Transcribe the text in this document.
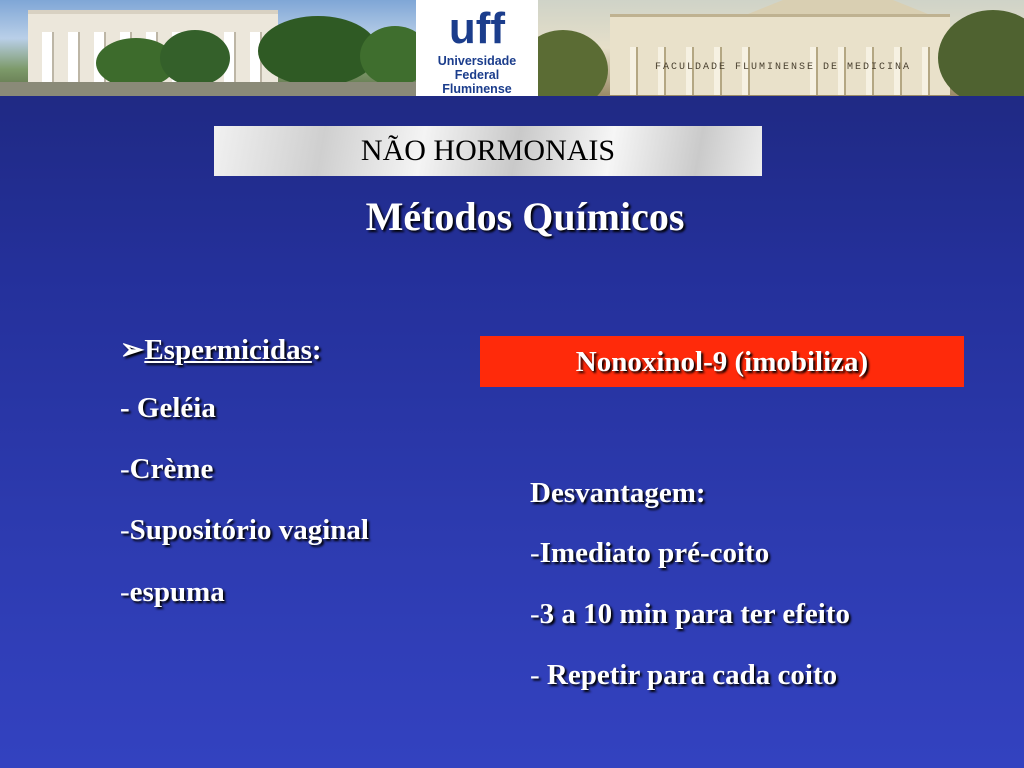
FACULDADE FLUMINENSE DE MEDICINA
uff
Universidade
Federal
Fluminense
NÃO HORMONAIS
Métodos Químicos
➢Espermicidas:
- Geléia
-Crème
-Supositório vaginal
-espuma
Nonoxinol-9 (imobiliza)
Desvantagem:
-Imediato pré-coito
-3 a 10 min para ter efeito
- Repetir para cada coito
